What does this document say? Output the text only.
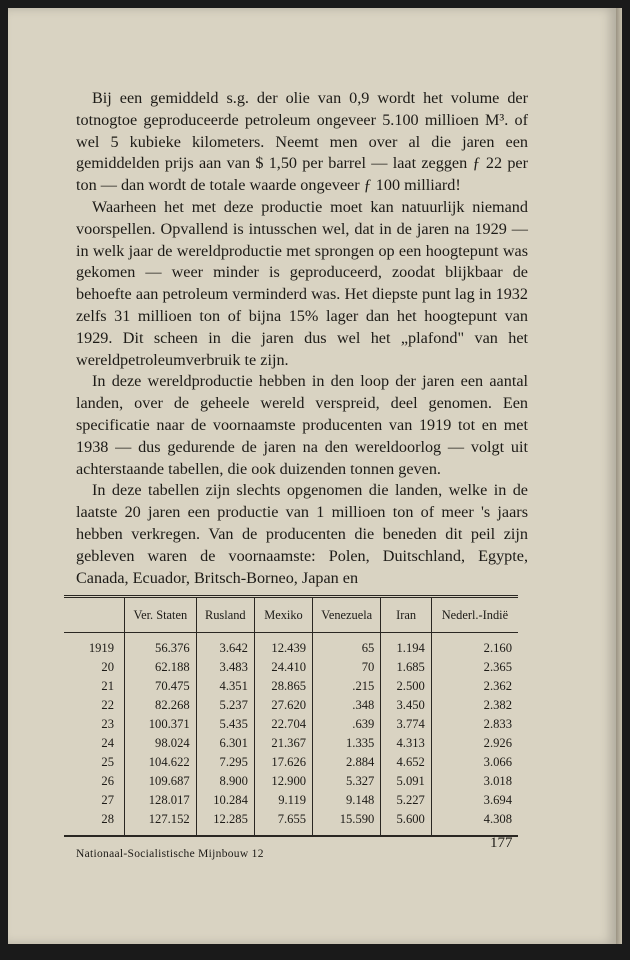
Bij een gemiddeld s.g. der olie van 0,9 wordt het volume der totnogtoe geproduceerde petroleum ongeveer 5.100 millioen M³. of wel 5 kubieke kilometers. Neemt men over al die jaren een gemiddelden prijs aan van $ 1,50 per barrel — laat zeggen ƒ 22 per ton — dan wordt de totale waarde ongeveer ƒ 100 milliard!

Waarheen het met deze productie moet kan natuurlijk niemand voorspellen. Opvallend is intusschen wel, dat in de jaren na 1929 — in welk jaar de wereldproductie met sprongen op een hoogtepunt was gekomen — weer minder is geproduceerd, zoodat blijkbaar de behoefte aan petroleum verminderd was. Het diepste punt lag in 1932 zelfs 31 millioen ton of bijna 15% lager dan het hoogtepunt van 1929. Dit scheen in die jaren dus wel het „plafond" van het wereldpetroleumverbruik te zijn.

In deze wereldproductie hebben in den loop der jaren een aantal landen, over de geheele wereld verspreid, deel genomen. Een specificatie naar de voornaamste producenten van 1919 tot en met 1938 — dus gedurende de jaren na den wereldoorlog — volgt uit achterstaande tabellen, die ook duizenden tonnen geven.

In deze tabellen zijn slechts opgenomen die landen, welke in de laatste 20 jaren een productie van 1 millioen ton of meer 's jaars hebben verkregen. Van de producenten die beneden dit peil zijn gebleven waren de voornaamste: Polen, Duitschland, Egypte, Canada, Ecuador, Britsch-Borneo, Japan en

	Ver. Staten	Rusland	Mexiko	Venezuela	Iran	Nederl.-Indië
1919	56.376	3.642	12.439	65	1.194	2.160
20	62.188	3.483	24.410	70	1.685	2.365
21	70.475	4.351	28.865	.215	2.500	2.362
22	82.268	5.237	27.620	.348	3.450	2.382
23	100.371	5.435	22.704	.639	3.774	2.833
24	98.024	6.301	21.367	1.335	4.313	2.926
25	104.622	7.295	17.626	2.884	4.652	3.066
26	109.687	8.900	12.900	5.327	5.091	3.018
27	128.017	10.284	9.119	9.148	5.227	3.694
28	127.152	12.285	7.655	15.590	5.600	4.308
Nationaal-Socialistische Mijnbouw 12
177
